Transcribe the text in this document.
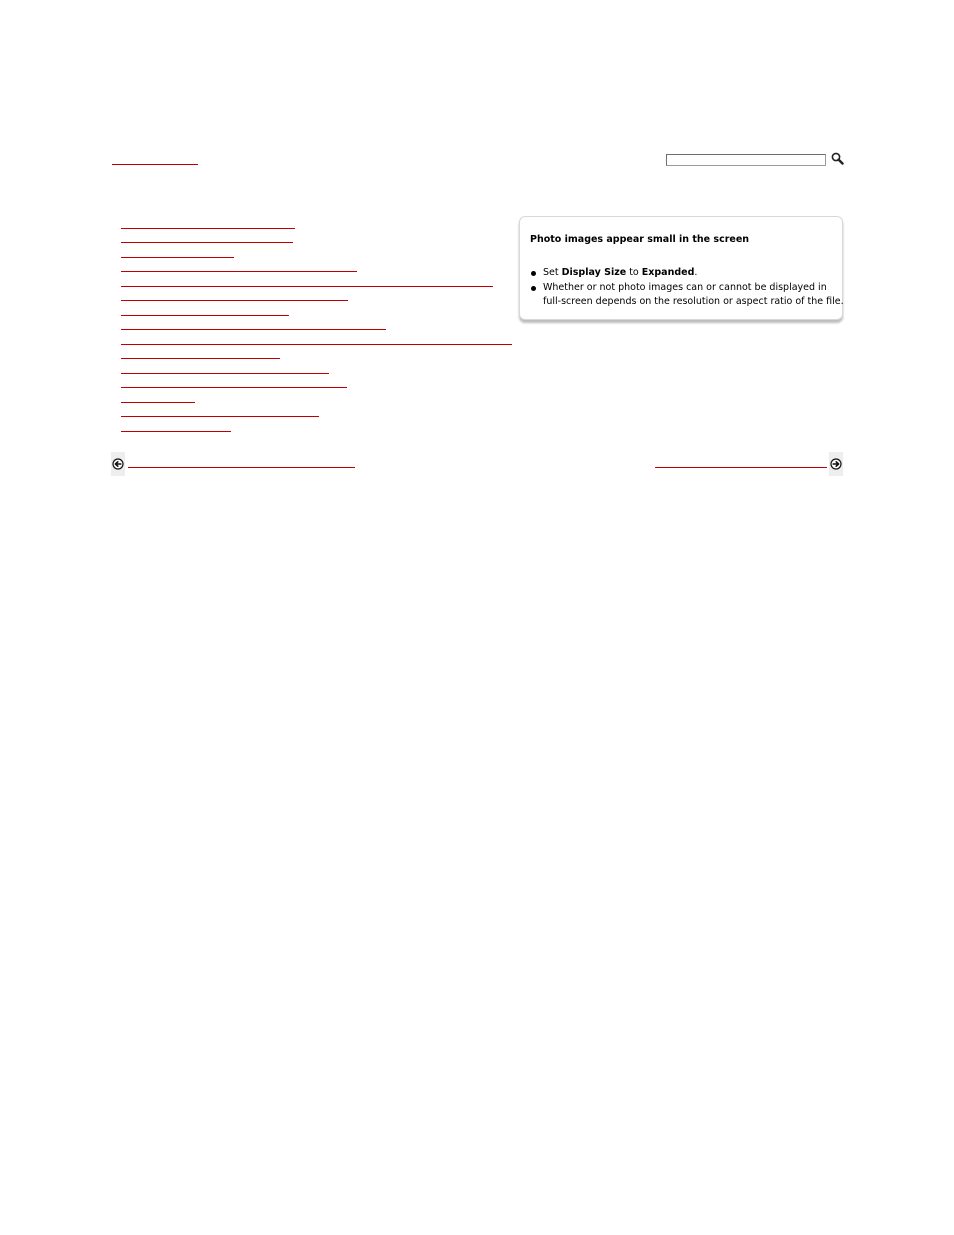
Photo images appear small in the screen
Set Display Size to Expanded.
Whether or not photo images can or cannot be displayed in
full-screen depends on the resolution or aspect ratio of the file.
